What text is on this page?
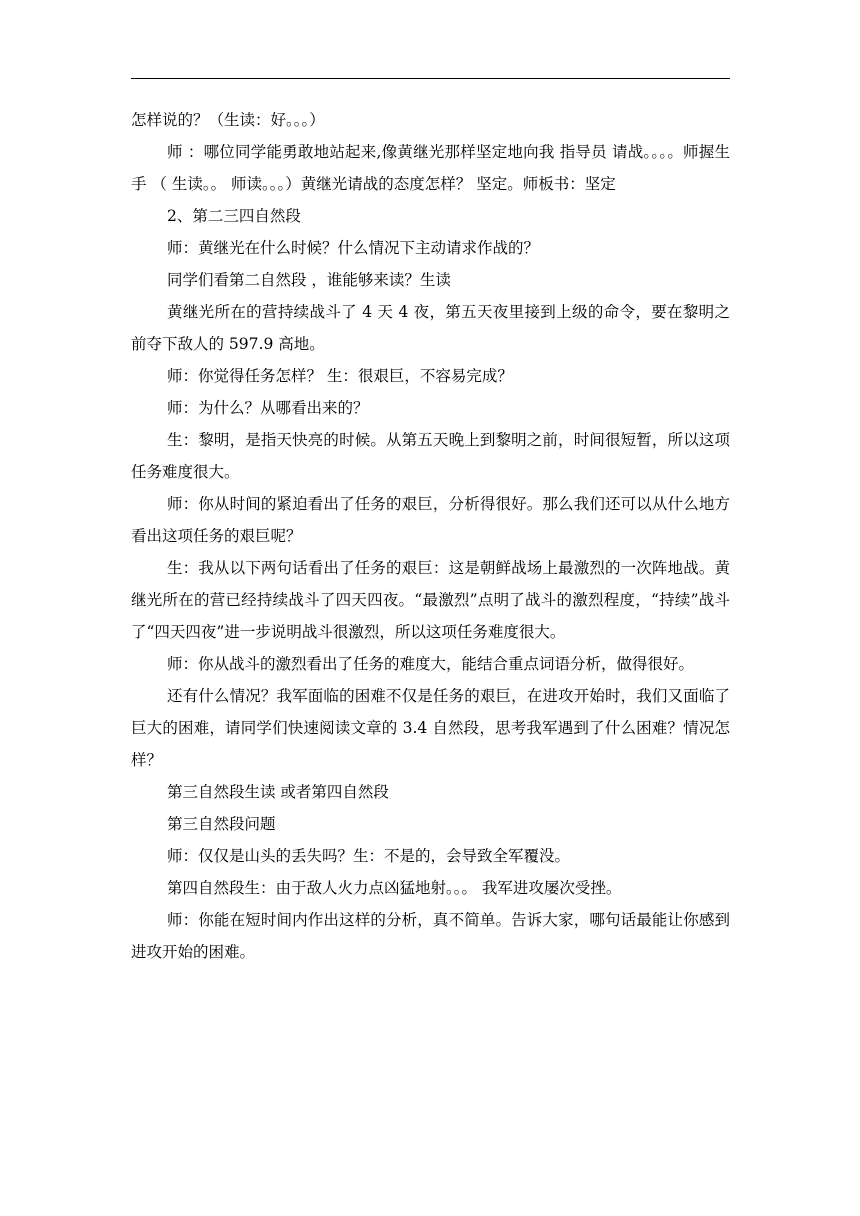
怎样说的？（生读：好。。。）

师 ：哪位同学能勇敢地站起来,像黄继光那样坚定地向我 指导员 请战。。。。师握生手 （ 生读。。 师读。。。）黄继光请战的态度怎样？ 坚定。师板书：坚定

2、第二三四自然段

师：黄继光在什么时候？什么情况下主动请求作战的？

同学们看第二自然段 ，谁能够来读？生读

黄继光所在的营持续战斗了 4 天 4 夜，第五天夜里接到上级的命令，要在黎明之前夺下敌人的 597.9 高地。

师：你觉得任务怎样？ 生：很艰巨，不容易完成？

师：为什么？从哪看出来的？

生：黎明，是指天快亮的时候。从第五天晚上到黎明之前，时间很短暂，所以这项任务难度很大。

师：你从时间的紧迫看出了任务的艰巨，分析得很好。那么我们还可以从什么地方看出这项任务的艰巨呢？

生：我从以下两句话看出了任务的艰巨：这是朝鲜战场上最激烈的一次阵地战。黄继光所在的营已经持续战斗了四天四夜。“最激烈”点明了战斗的激烈程度，“持续”战斗了“四天四夜”进一步说明战斗很激烈，所以这项任务难度很大。

师：你从战斗的激烈看出了任务的难度大，能结合重点词语分析，做得很好。

还有什么情况？我军面临的困难不仅是任务的艰巨，在进攻开始时，我们又面临了巨大的困难，请同学们快速阅读文章的 3.4 自然段，思考我军遇到了什么困难？情况怎样？

第三自然段生读 或者第四自然段

第三自然段问题

师：仅仅是山头的丢失吗？生：不是的，会导致全军覆没。

第四自然段生：由于敌人火力点凶猛地射。。。 我军进攻屡次受挫。

师：你能在短时间内作出这样的分析，真不简单。告诉大家，哪句话最能让你感到进攻开始的困难。
